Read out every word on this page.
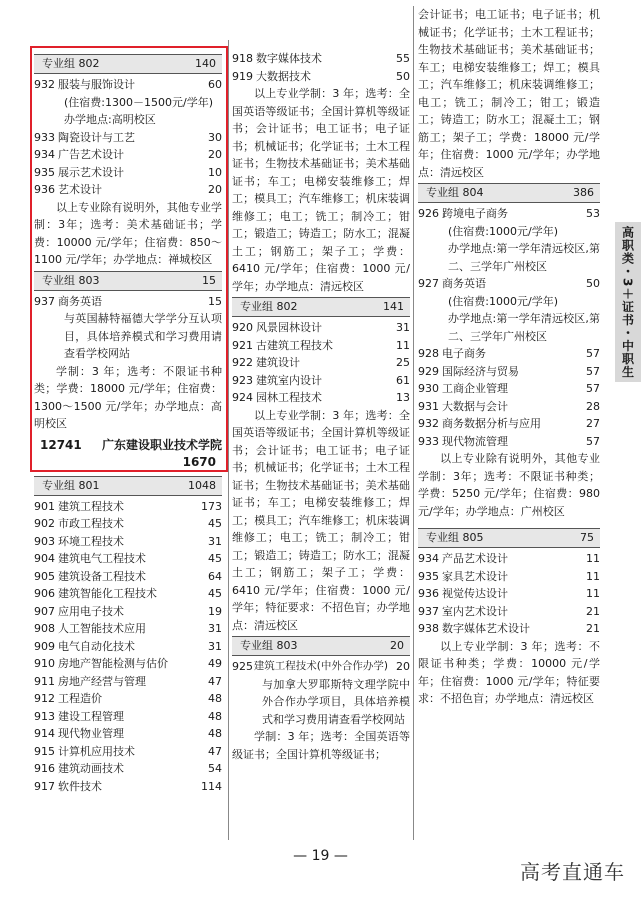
专业组 802	140
932 服装与服饰设计	60
(住宿费:1300－1500元/学年)
办学地点:高明校区
933 陶瓷设计与工艺	30
934 广告艺术设计	20
935 展示艺术设计	10
936 艺术设计	20
以上专业除有说明外，其他专业学制：3年；选考：美术基础证书；学费：10000 元/学年；住宿费：850～1100 元/学年；办学地点：禅城校区
专业组 803	15
937 商务英语	15
与英国赫特福德大学学分互认项目，具体培养模式和学习费用请查看学校网站
学制：3 年；选考：不限证书种类；学费：18000 元/学年；住宿费：1300～1500 元/学年；办学地点：高明校区
12741 广东建设职业技术学院
1670
专业组 801	1048
901 建筑工程技术	173
902 市政工程技术	45
903 环境工程技术	31
904 建筑电气工程技术	45
905 建筑设备工程技术	64
906 建筑智能化工程技术	45
907 应用电子技术	19
908 人工智能技术应用	31
909 电气自动化技术	31
910 房地产智能检测与估价	49
911 房地产经营与管理	47
912 工程造价	48
913 建设工程管理	48
914 现代物业管理	48
915 计算机应用技术	47
916 建筑动画技术	54
917 软件技术	114
918 数字媒体技术	55
919 大数据技术	50
以上专业学制：3 年；选考：全国英语等级证书；全国计算机等级证书；会计证书；电工证书；电子证书；机械证书；化学证书；土木工程证书；生物技术基础证书；美术基础证书；车工；电梯安装维修工；焊工；模具工；汽车维修工；机床装调维修工；电工；铣工；制冷工；钳工；锻造工；铸造工；防水工；混凝土工；钢筋工；架子工；学费：6410 元/学年；住宿费：1000 元/学年；办学地点：清远校区
专业组 802	141
920 风景园林设计	31
921 古建筑工程技术	11
922 建筑设计	25
923 建筑室内设计	61
924 园林工程技术	13
以上专业学制：3 年；选考：全国英语等级证书；全国计算机等级证书；会计证书；电工证书；电子证书；机械证书；化学证书；土木工程证书；生物技术基础证书；美术基础证书；车工；电梯安装维修工；焊工；模具工；汽车维修工；机床装调维修工；电工；铣工；制冷工；钳工；锻造工；铸造工；防水工；混凝土工；钢筋工；架子工；学费：6410 元/学年；住宿费：1000 元/学年；特征要求：不招色盲；办学地点：清远校区
专业组 803	20
925 建筑工程技术(中外合作办学) 20
与加拿大罗耶斯特文理学院中外合作办学项目，具体培养模式和学习费用请查看学校网站
学制：3 年；选考：全国英语等级证书；全国计算机等级证书；
会计证书；电工证书；电子证书；机械证书；化学证书；土木工程证书；生物技术基础证书；美术基础证书；车工；电梯安装维修工；焊工；模具工；汽车维修工；机床装调维修工；电工；铣工；制冷工；钳工；锻造工；铸造工；防水工；混凝土工；钢筋工；架子工；学费：18000 元/学年；住宿费：1000 元/学年；办学地点：清远校区
专业组 804	386
926 跨境电子商务	53
(住宿费:1000元/学年)
办学地点:第一学年清远校区,第二、三学年广州校区
927 商务英语	50
(住宿费:1000元/学年)
办学地点:第一学年清远校区,第二、三学年广州校区
928 电子商务	57
929 国际经济与贸易	57
930 工商企业管理	57
931 大数据与会计	28
932 商务数据分析与应用	27
933 现代物流管理	57
以上专业除有说明外，其他专业学制：3年；选考：不限证书种类；学费：5250 元/学年；住宿费：980 元/学年；办学地点：广州校区
专业组 805	75
934 产品艺术设计	11
935 家具艺术设计	11
936 视觉传达设计	11
937 室内艺术设计	21
938 数字媒体艺术设计	21
以上专业学制：3 年；选考：不限证书种类；学费：10000 元/学年；住宿费：1000 元/学年；特征要求：不招色盲；办学地点：清远校区
高职类・3＋证书・中职生
— 19 —
高考直通车
